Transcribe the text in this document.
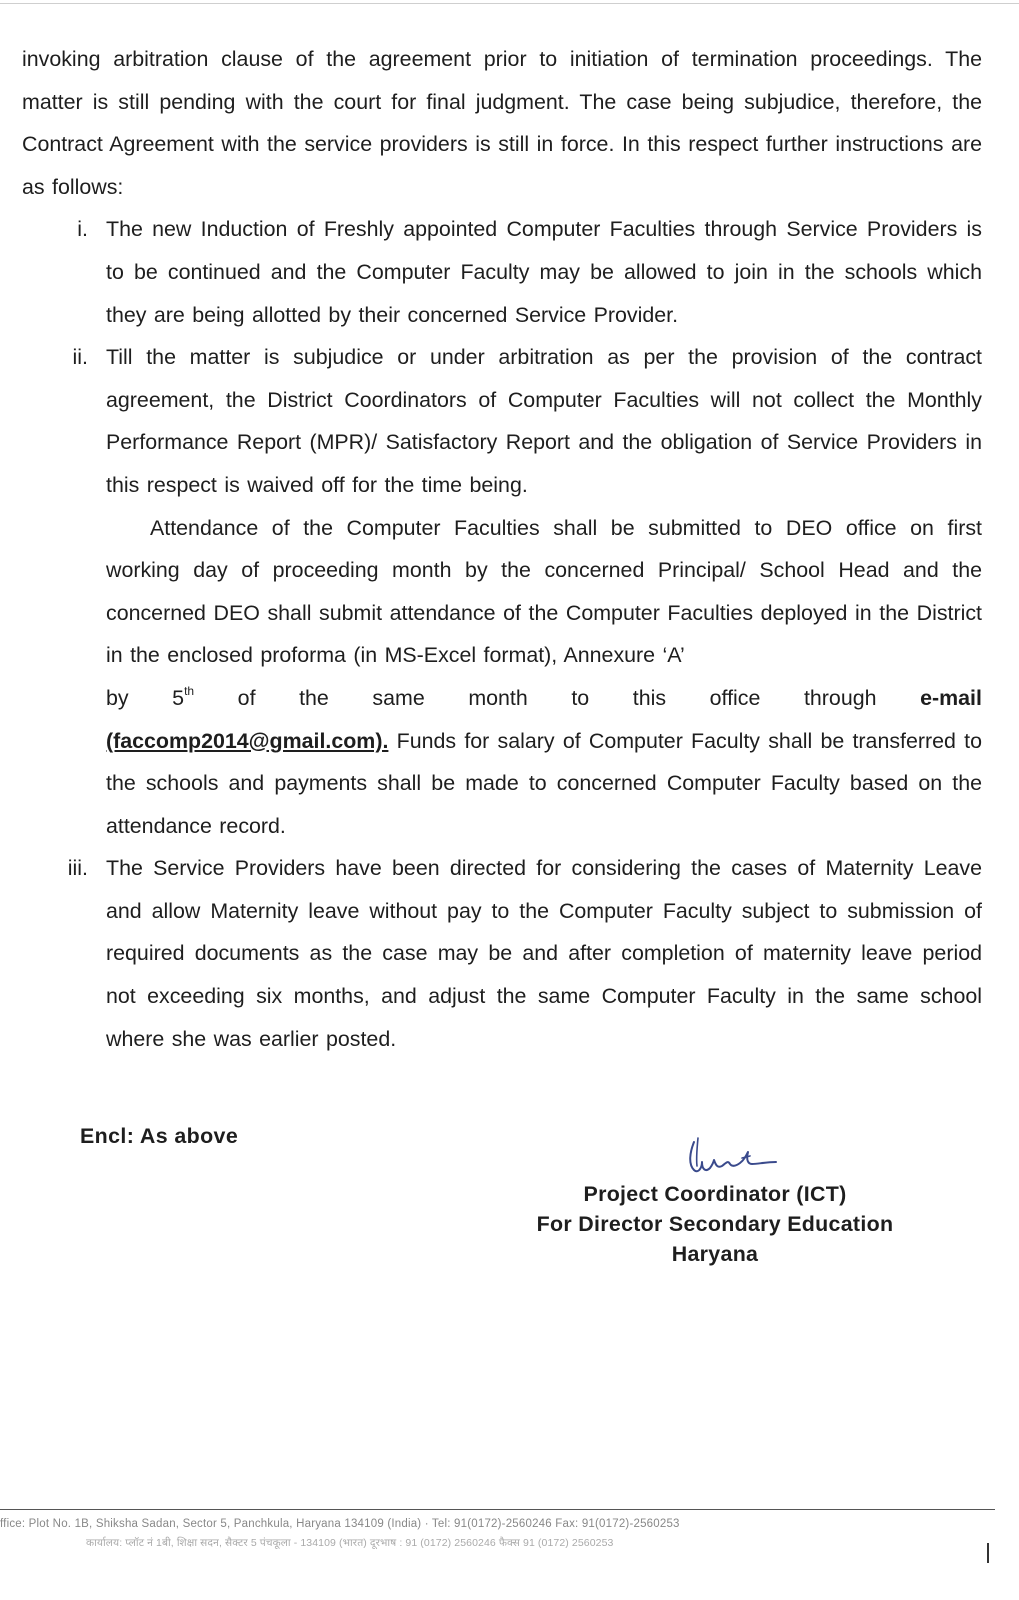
invoking arbitration clause of the agreement prior to initiation of termination proceedings. The matter is still pending with the court for final judgment. The case being subjudice, therefore, the Contract Agreement with the service providers is still in force. In this respect further instructions are as follows:

i. The new Induction of Freshly appointed Computer Faculties through Service Providers is to be continued and the Computer Faculty may be allowed to join in the schools which they are being allotted by their concerned Service Provider.
ii. Till the matter is subjudice or under arbitration as per the provision of the contract agreement, the District Coordinators of Computer Faculties will not collect the Monthly Performance Report (MPR)/ Satisfactory Report and the obligation of Service Providers in this respect is waived off for the time being.

Attendance of the Computer Faculties shall be submitted to DEO office on first working day of proceeding month by the concerned Principal/ School Head and the concerned DEO shall submit attendance of the Computer Faculties deployed in the District in the enclosed proforma (in MS-Excel format), Annexure ‘A’

by 5th of the same month to this office through e-mail

(faccomp2014@gmail.com). Funds for salary of Computer Faculty shall be transferred to the schools and payments shall be made to concerned Computer Faculty based on the attendance record.

iii. The Service Providers have been directed for considering the cases of Maternity Leave and allow Maternity leave without pay to the Computer Faculty subject to submission of required documents as the case may be and after completion of maternity leave period not exceeding six months, and adjust the same Computer Faculty in the same school where she was earlier posted.
Encl: As above
Project Coordinator (ICT)
For Director Secondary Education
Haryana
ffice: Plot No. 1B, Shiksha Sadan, Sector 5, Panchkula, Haryana 134109 (India) · Tel: 91(0172)-2560246 Fax: 91(0172)-2560253
कार्यालय: प्लॉट नं 1बी, शिक्षा सदन, सैक्टर 5 पंचकूला - 134109 (भारत) दूरभाष : 91 (0172) 2560246 फैक्स 91 (0172) 2560253
